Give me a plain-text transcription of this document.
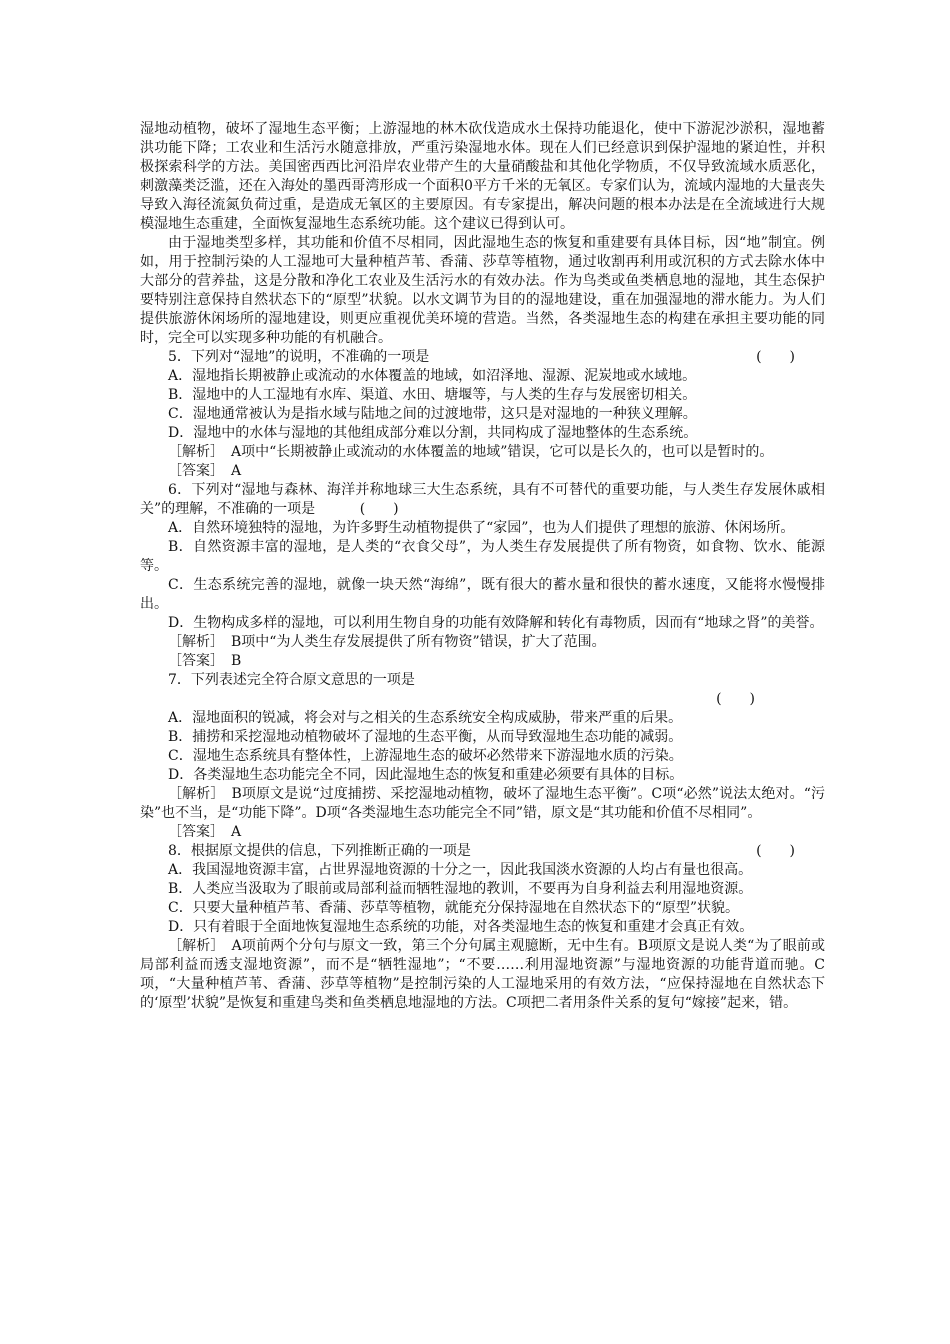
湿地动植物，破坏了湿地生态平衡；上游湿地的林木砍伐造成水土保持功能退化，使中下游泥沙淤积，湿地蓄洪功能下降；工农业和生活污水随意排放，严重污染湿地水体。现在人们已经意识到保护湿地的紧迫性，并积极探索科学的方法。美国密西西比河沿岸农业带产生的大量硝酸盐和其他化学物质，不仅导致流域水质恶化，刺激藻类泛滥，还在入海处的墨西哥湾形成一个面积0平方千米的无氧区。专家们认为，流域内湿地的大量丧失导致入海径流氮负荷过重，是造成无氧区的主要原因。有专家提出，解决问题的根本办法是在全流域进行大规模湿地生态重建，全面恢复湿地生态系统功能。这个建议已得到认可。

由于湿地类型多样，其功能和价值不尽相同，因此湿地生态的恢复和重建要有具体目标，因“地”制宜。例如，用于控制污染的人工湿地可大量种植芦苇、香蒲、莎草等植物，通过收割再利用或沉积的方式去除水体中大部分的营养盐，这是分散和净化工农业及生活污水的有效办法。作为鸟类或鱼类栖息地的湿地，其生态保护要特别注意保持自然状态下的“原型”状貌。以水文调节为目的的湿地建设，重在加强湿地的滞水能力。为人们提供旅游休闲场所的湿地建设，则更应重视优美环境的营造。当然，各类湿地生态的构建在承担主要功能的同时，完全可以实现多种功能的有机融合。

5．下列对“湿地”的说明，不准确的一项是	(　　)

A．湿地指长期被静止或流动的水体覆盖的地域，如沼泽地、湿源、泥炭地或水域地。

B．湿地中的人工湿地有水库、渠道、水田、塘堰等，与人类的生存与发展密切相关。

C．湿地通常被认为是指水域与陆地之间的过渡地带，这只是对湿地的一种狭义理解。

D．湿地中的水体与湿地的其他组成部分难以分割，共同构成了湿地整体的生态系统。

［解析］　A项中“长期被静止或流动的水体覆盖的地域”错误，它可以是长久的，也可以是暂时的。

［答案］　A

6．下列对“湿地与森林、海洋并称地球三大生态系统，具有不可替代的重要功能，与人类生存发展休戚相关”的理解，不准确的一项是	(　　)

A．自然环境独特的湿地，为许多野生动植物提供了“家园”，也为人们提供了理想的旅游、休闲场所。

B．自然资源丰富的湿地，是人类的“衣食父母”，为人类生存发展提供了所有物资，如食物、饮水、能源等。

C．生态系统完善的湿地，就像一块天然“海绵”，既有很大的蓄水量和很快的蓄水速度，又能将水慢慢排出。

D．生物构成多样的湿地，可以利用生物自身的功能有效降解和转化有毒物质，因而有“地球之肾”的美誉。

［解析］　B项中“为人类生存发展提供了所有物资”错误，扩大了范围。

［答案］　B

7．下列表述完全符合原文意思的一项是

(　　)

A．湿地面积的锐减，将会对与之相关的生态系统安全构成威胁，带来严重的后果。

B．捕捞和采挖湿地动植物破坏了湿地的生态平衡，从而导致湿地生态功能的减弱。

C．湿地生态系统具有整体性，上游湿地生态的破坏必然带来下游湿地水质的污染。

D．各类湿地生态功能完全不同，因此湿地生态的恢复和重建必须要有具体的目标。

［解析］　B项原文是说“过度捕捞、采挖湿地动植物，破坏了湿地生态平衡”。C项“必然”说法太绝对。“污染”也不当，是“功能下降”。D项“各类湿地生态功能完全不同”错，原文是“其功能和价值不尽相同”。

［答案］　A

8．根据原文提供的信息，下列推断正确的一项是	(　　)

A．我国湿地资源丰富，占世界湿地资源的十分之一，因此我国淡水资源的人均占有量也很高。

B．人类应当汲取为了眼前或局部利益而牺牲湿地的教训，不要再为自身利益去利用湿地资源。

C．只要大量种植芦苇、香蒲、莎草等植物，就能充分保持湿地在自然状态下的“原型”状貌。

D．只有着眼于全面地恢复湿地生态系统的功能，对各类湿地生态的恢复和重建才会真正有效。

［解析］　A项前两个分句与原文一致，第三个分句属主观臆断，无中生有。B项原文是说人类“为了眼前或局部利益而透支湿地资源”，而不是“牺牲湿地”；“不要……利用湿地资源”与湿地资源的功能背道而驰。C项，“大量种植芦苇、香蒲、莎草等植物”是控制污染的人工湿地采用的有效方法，“应保持湿地在自然状态下的‘原型’状貌”是恢复和重建鸟类和鱼类栖息地湿地的方法。C项把二者用条件关系的复句“嫁接”起来，错。
